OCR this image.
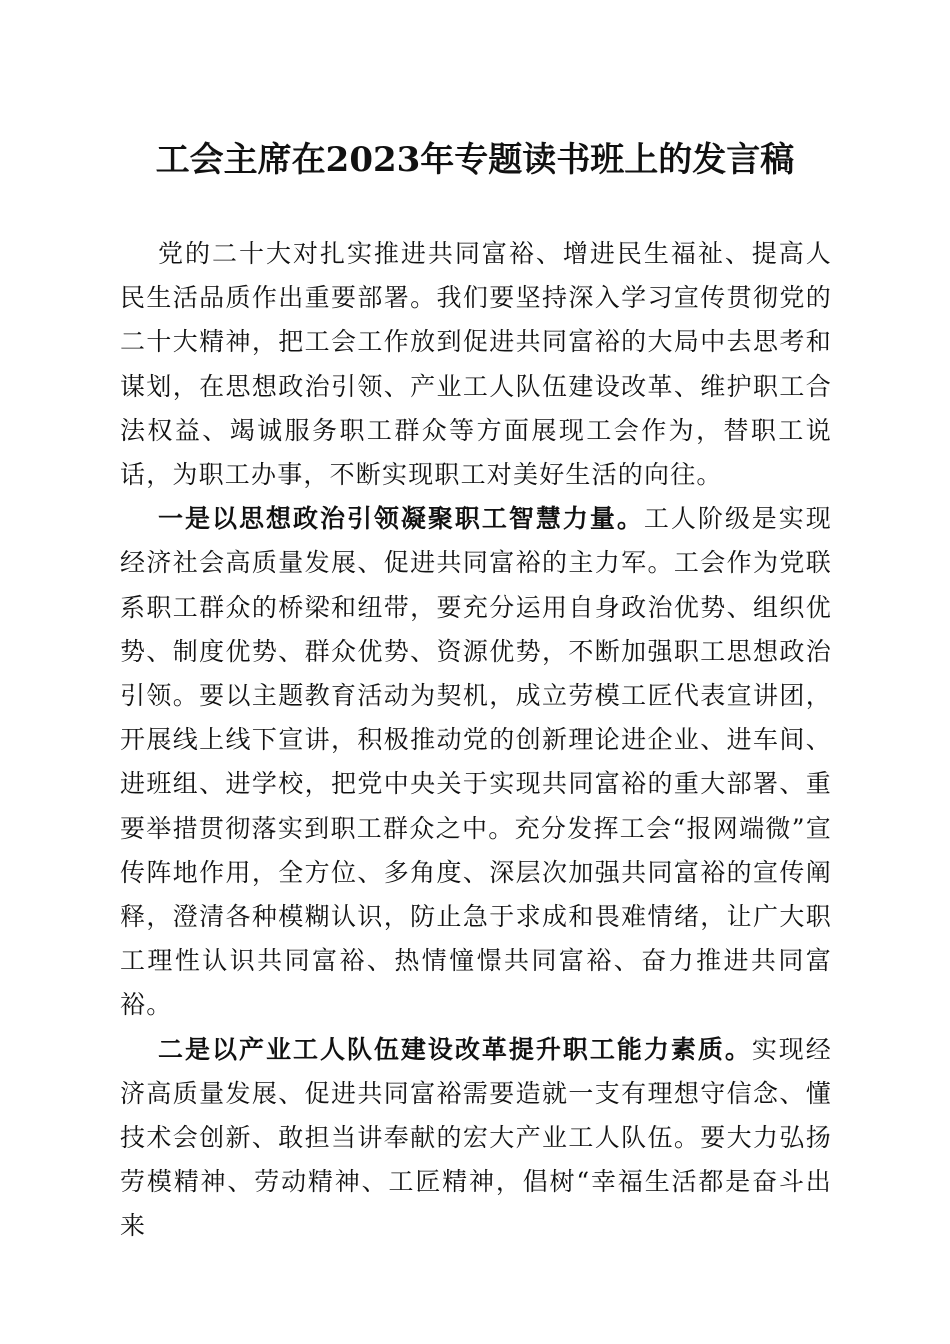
工会主席在2023年专题读书班上的发言稿

党的二十大对扎实推进共同富裕、增进民生福祉、提高人民生活品质作出重要部署。我们要坚持深入学习宣传贯彻党的二十大精神，把工会工作放到促进共同富裕的大局中去思考和谋划，在思想政治引领、产业工人队伍建设改革、维护职工合法权益、竭诚服务职工群众等方面展现工会作为，替职工说话，为职工办事，不断实现职工对美好生活的向往。

一是以思想政治引领凝聚职工智慧力量。工人阶级是实现经济社会高质量发展、促进共同富裕的主力军。工会作为党联系职工群众的桥梁和纽带，要充分运用自身政治优势、组织优势、制度优势、群众优势、资源优势，不断加强职工思想政治引领。要以主题教育活动为契机，成立劳模工匠代表宣讲团，开展线上线下宣讲，积极推动党的创新理论进企业、进车间、进班组、进学校，把党中央关于实现共同富裕的重大部署、重要举措贯彻落实到职工群众之中。充分发挥工会“报网端微”宣传阵地作用，全方位、多角度、深层次加强共同富裕的宣传阐释，澄清各种模糊认识，防止急于求成和畏难情绪，让广大职工理性认识共同富裕、热情憧憬共同富裕、奋力推进共同富裕。

二是以产业工人队伍建设改革提升职工能力素质。实现经济高质量发展、促进共同富裕需要造就一支有理想守信念、懂技术会创新、敢担当讲奉献的宏大产业工人队伍。要大力弘扬劳模精神、劳动精神、工匠精神，倡树“幸福生活都是奋斗出来
